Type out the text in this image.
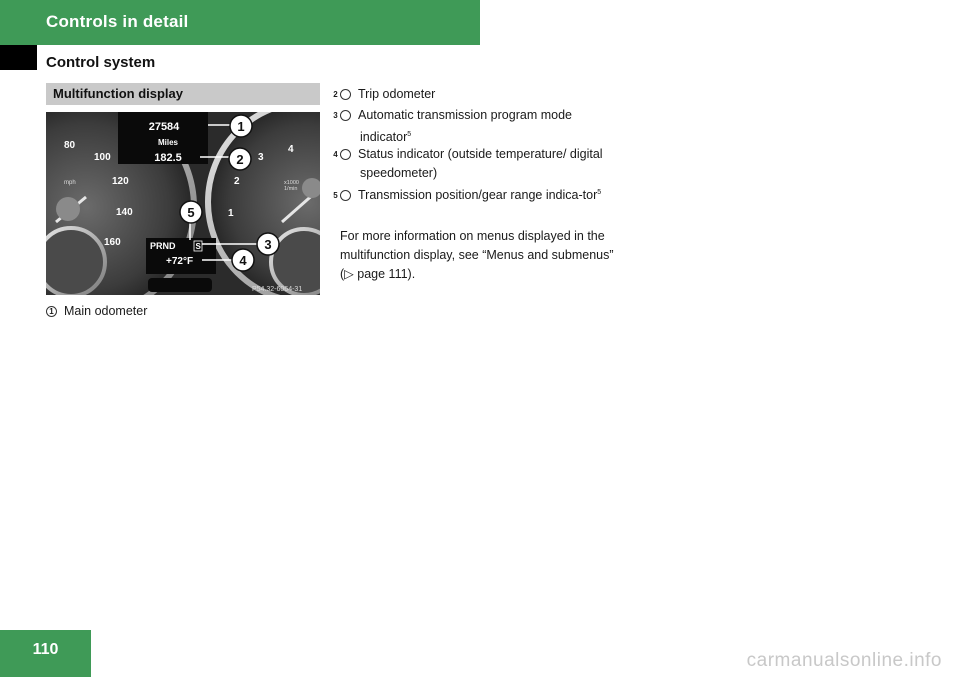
Controls in detail
Control system
Multifunction display
80
100
120
140
160
mph
3
4
2
1
x1000
1/min
27584
Miles
182.5
PRND S
+72°F
1
2
3
4
5
P54.32-6064-31
1 Main odometer
2 Trip odometer
3 Automatic transmission program mode indicator$^5$
4 Status indicator (outside temperature/ digital speedometer)
5 Transmission position/gear range indica-tor$^5$
For more information on menus displayed in the multifunction display, see “Menus and submenus” (▷ page 111).
110
carmanualsonline.info
